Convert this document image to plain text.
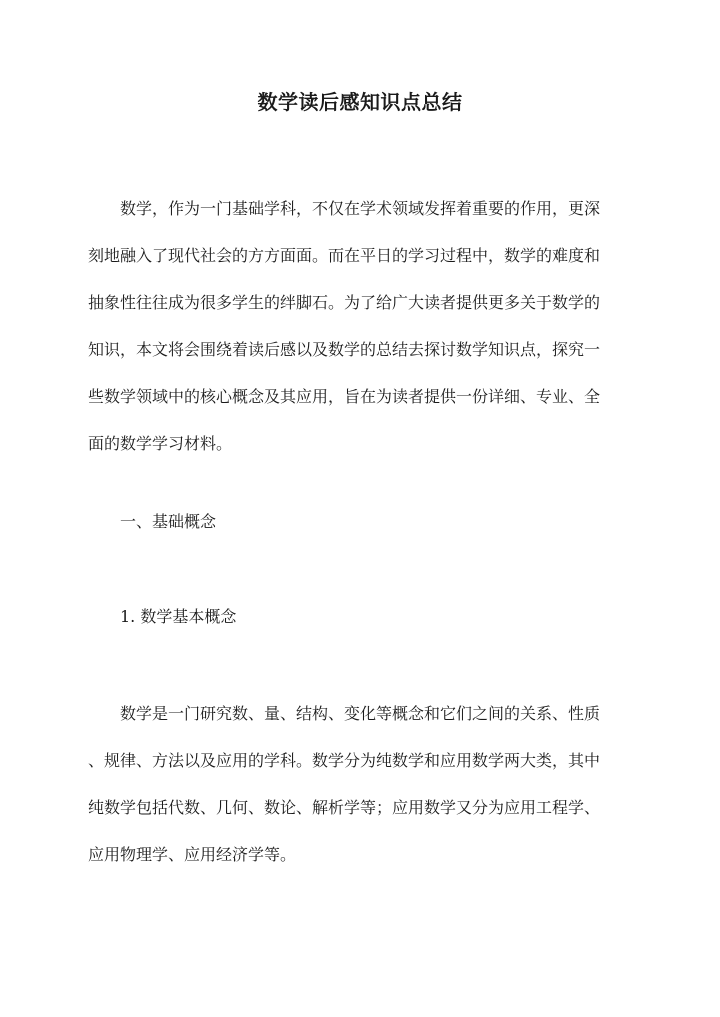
数学读后感知识点总结
数学，作为一门基础学科，不仅在学术领域发挥着重要的作用，更深
刻地融入了现代社会的方方面面。而在平日的学习过程中，数学的难度和
抽象性往往成为很多学生的绊脚石。为了给广大读者提供更多关于数学的
知识，本文将会围绕着读后感以及数学的总结去探讨数学知识点，探究一
些数学领域中的核心概念及其应用，旨在为读者提供一份详细、专业、全
面的数学学习材料。
一、基础概念
1. 数学基本概念
数学是一门研究数、量、结构、变化等概念和它们之间的关系、性质
、规律、方法以及应用的学科。数学分为纯数学和应用数学两大类，其中
纯数学包括代数、几何、数论、解析学等；应用数学又分为应用工程学、
应用物理学、应用经济学等。
